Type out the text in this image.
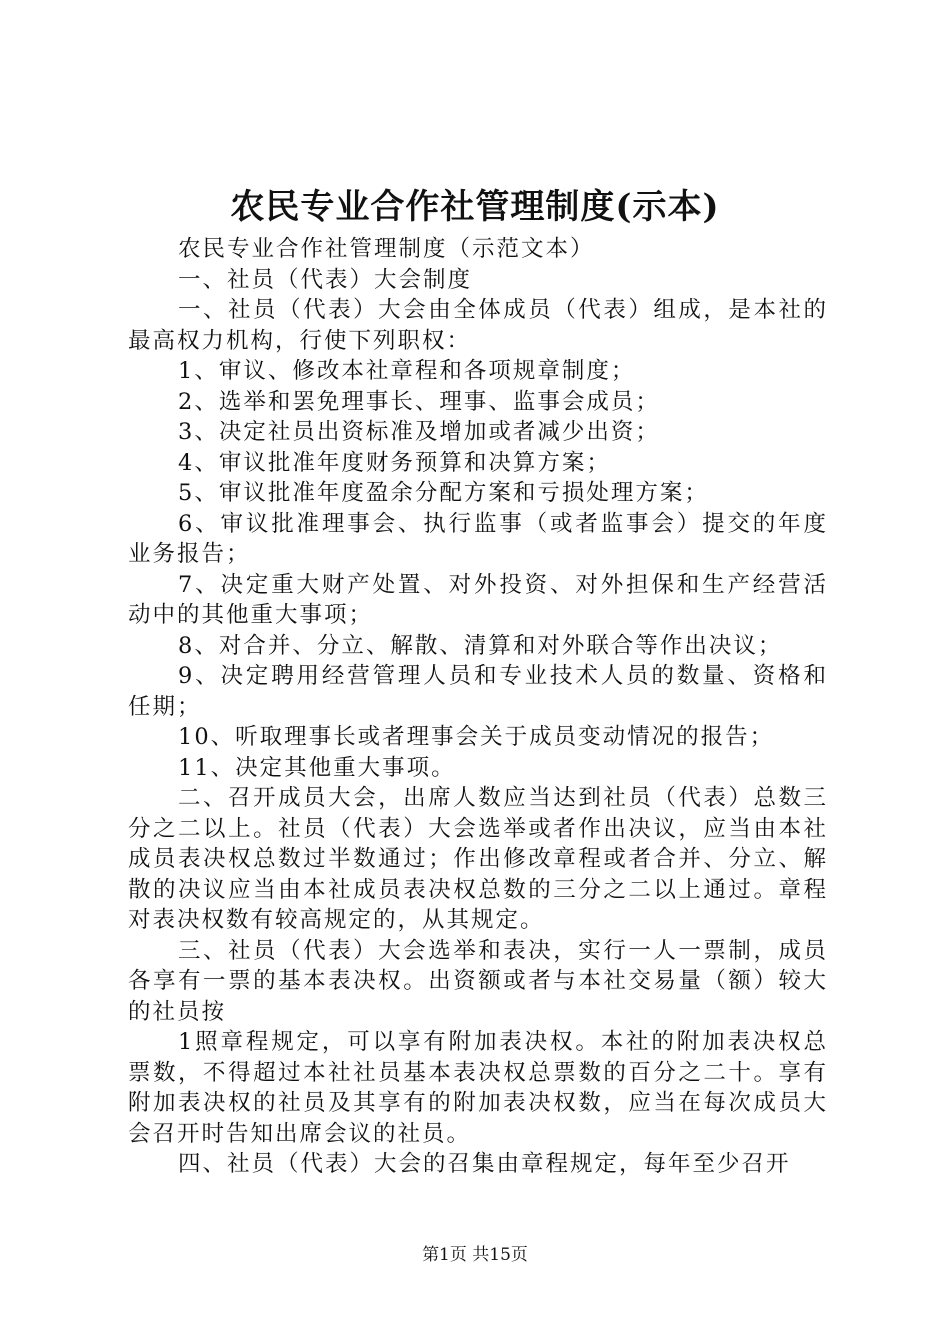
农民专业合作社管理制度(示本)

农民专业合作社管理制度（示范文本）

一、社员（代表）大会制度

一、社员（代表）大会由全体成员（代表）组成，是本社的最高权力机构，行使下列职权：

1、审议、修改本社章程和各项规章制度；

2、选举和罢免理事长、理事、监事会成员；

3、决定社员出资标准及增加或者减少出资；

4、审议批准年度财务预算和决算方案；

5、审议批准年度盈余分配方案和亏损处理方案；

6、审议批准理事会、执行监事（或者监事会）提交的年度业务报告；

7、决定重大财产处置、对外投资、对外担保和生产经营活动中的其他重大事项；

8、对合并、分立、解散、清算和对外联合等作出决议；

9、决定聘用经营管理人员和专业技术人员的数量、资格和任期；

10、听取理事长或者理事会关于成员变动情况的报告；

11、决定其他重大事项。

二、召开成员大会，出席人数应当达到社员（代表）总数三分之二以上。社员（代表）大会选举或者作出决议，应当由本社成员表决权总数过半数通过；作出修改章程或者合并、分立、解散的决议应当由本社成员表决权总数的三分之二以上通过。章程对表决权数有较高规定的，从其规定。

三、社员（代表）大会选举和表决，实行一人一票制，成员各享有一票的基本表决权。出资额或者与本社交易量（额）较大的社员按

1照章程规定，可以享有附加表决权。本社的附加表决权总票数，不得超过本社社员基本表决权总票数的百分之二十。享有附加表决权的社员及其享有的附加表决权数，应当在每次成员大会召开时告知出席会议的社员。

四、社员（代表）大会的召集由章程规定，每年至少召开

第1页 共15页
